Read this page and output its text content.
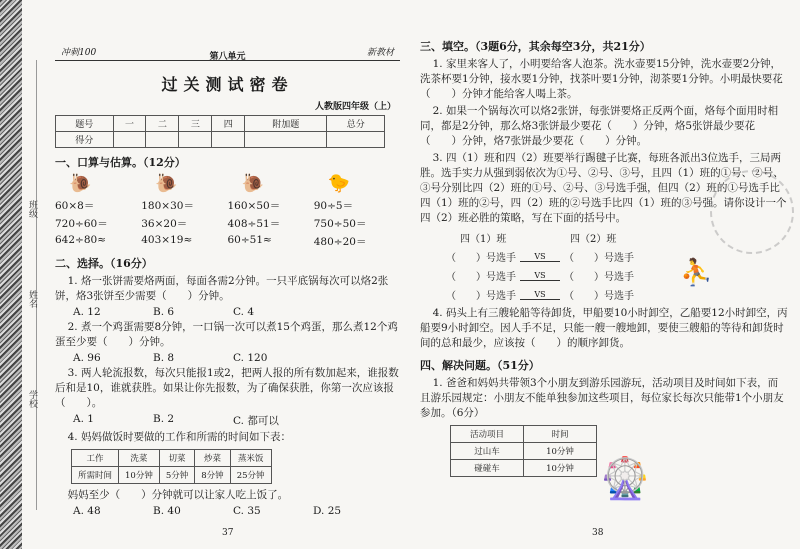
班级
姓名
学校
冲刺100	新教材
第八单元
过关测试密卷
人教版四年级（上）
题号	一	二	三	四	附加题	总分
得分						
一、口算与估算。（12分）
🐌	🐌	🐌	🐤
60×8＝	180×30＝	160×50＝	90÷5＝
720÷60＝	36×20＝	408÷51＝	750÷50＝
642÷80≈	403×19≈	60÷51≈	480÷20＝
二、选择。（16分）

1. 烙一张饼需要烙两面，每面各需2分钟。一只平底锅每次可以烙2张饼，烙3张饼至少需要（　　）分钟。

A. 12	B. 6	C. 4

2. 煮一个鸡蛋需要8分钟，一口锅一次可以煮15个鸡蛋，那么煮12个鸡蛋至少要（　　）分钟。

A. 96	B. 8	C. 120

3. 两人轮流报数，每次只能报1或2，把两人报的所有数加起来，谁报数后和是10，谁就获胜。如果让你先报数，为了确保获胜，你第一次应该报（　　）。

A. 1	B. 2	C. 都可以

4. 妈妈做饭时要做的工作和所需的时间如下表：

工作	洗菜	切菜	炒菜	蒸米饭
所需时间	10分钟	5分钟	8分钟	25分钟

妈妈至少（　　）分钟就可以让家人吃上饭了。

A. 48	B. 40	C. 35	D. 25
37
三、填空。（3题6分，其余每空3分，共21分）

1. 家里来客人了，小明要给客人泡茶。洗水壶要15分钟，洗水壶要2分钟，洗茶杯要1分钟，接水要1分钟，找茶叶要1分钟，沏茶要1分钟。小明最快要花（　　）分钟才能给客人喝上茶。

2. 如果一个锅每次可以烙2张饼，每张饼要烙正反两个面，烙每个面用时相同，都是2分钟，那么烙3张饼最少要花（　　）分钟，烙5张饼最少要花（　　）分钟，烙7张饼最少要花（　　）分钟。

3. 四（1）班和四（2）班要举行踢毽子比赛，每班各派出3位选手，三局两胜。选手实力从强到弱依次为①号、②号、③号，且四（1）班的①号、②号、③号分别比四（2）班的①号、②号、③号选手强，但四（2）班的①号选手比四（1）班的②号，四（2）班的②号选手比四（1）班的③号强。请你设计一个四（2）班必胜的策略，写在下面的括号中。

四（1）班	四（2）班
（　　）号选手	VS	（　　）号选手
（　　）号选手	VS	（　　）号选手
（　　）号选手	VS	（　　）号选手

4. 码头上有三艘轮船等待卸货，甲船要10小时卸空，乙船要12小时卸空，丙船要9小时卸空。因人手不足，只能一艘一艘地卸，要使三艘船的等待和卸货时间的总和最少，应该按（　　）的顺序卸货。

四、解决问题。（51分）

1. 爸爸和妈妈共带领3个小朋友到游乐园游玩，活动项目及时间如下表，而且游乐园规定：小朋友不能单独参加这些项目，每位家长每次只能带1个小朋友参加。（6分）

活动项目	时间
过山车	10分钟
碰碰车	10分钟
⛹
🎡
38
